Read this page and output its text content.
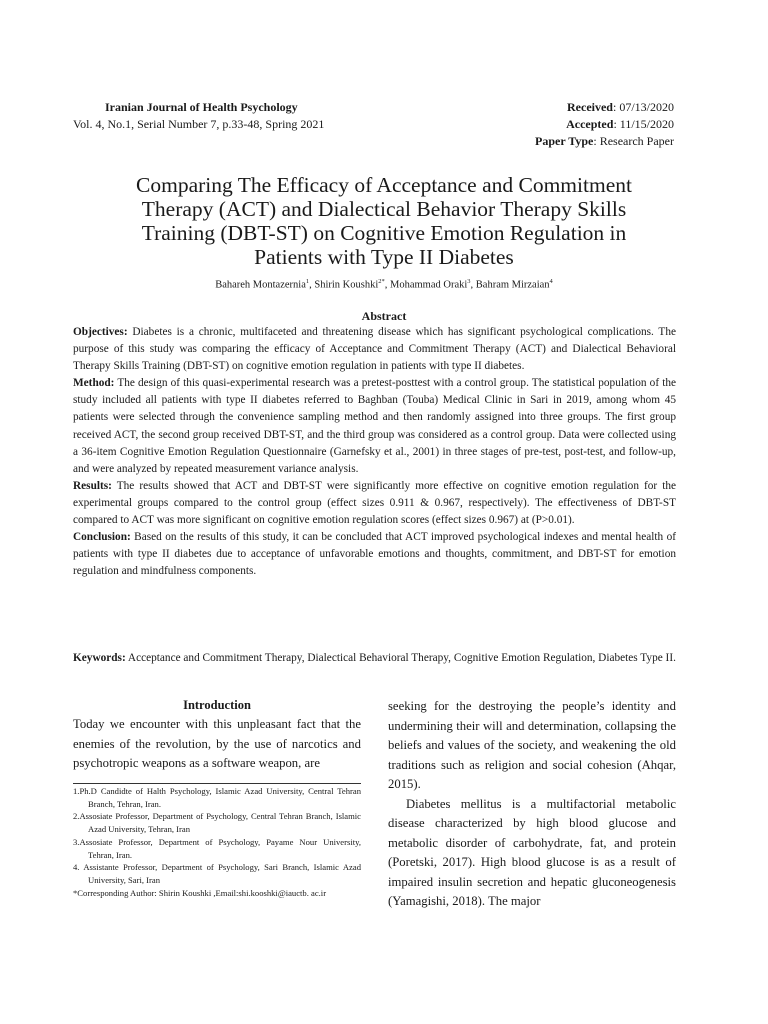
Iranian Journal of Health Psychology
Vol. 4, No.1, Serial Number 7, p.33-48, Spring 2021
Received: 07/13/2020
Accepted: 11/15/2020
Paper Type: Research Paper
Comparing The Efficacy of Acceptance and Commitment
Therapy (ACT) and Dialectical Behavior Therapy Skills
Training (DBT-ST) on Cognitive Emotion Regulation in
Patients with Type II Diabetes
Bahareh Montazernia$^1$, Shirin Koushki$^{2*}$, Mohammad Oraki$^3$, Bahram Mirzaian$^4$
Abstract

Objectives: Diabetes is a chronic, multifaceted and threatening disease which has significant psychological complications. The purpose of this study was comparing the efficacy of Acceptance and Commitment Therapy (ACT) and Dialectical Behavioral Therapy Skills Training (DBT-ST) on cognitive emotion regulation in patients with type II diabetes.

Method: The design of this quasi-experimental research was a pretest-posttest with a control group. The statistical population of the study included all patients with type II diabetes referred to Baghban (Touba) Medical Clinic in Sari in 2019, among whom 45 patients were selected through the convenience sampling method and then randomly assigned into three groups. The first group received ACT, the second group received DBT-ST, and the third group was considered as a control group. Data were collected using a 36-item Cognitive Emotion Regulation Questionnaire (Garnefsky et al., 2001) in three stages of pre-test, post-test, and follow-up, and were analyzed by repeated measurement variance analysis.

Results: The results showed that ACT and DBT-ST were significantly more effective on cognitive emotion regulation for the experimental groups compared to the control group (effect sizes 0.911 & 0.967, respectively). The effectiveness of DBT-ST compared to ACT was more significant on cognitive emotion regulation scores (effect sizes 0.967) at (P>0.01).

Conclusion: Based on the results of this study, it can be concluded that ACT improved psychological indexes and mental health of patients with type II diabetes due to acceptance of unfavorable emotions and thoughts, commitment, and DBT-ST for emotion regulation and mindfulness components.

Keywords: Acceptance and Commitment Therapy, Dialectical Behavioral Therapy, Cognitive Emotion Regulation, Diabetes Type II.
Introduction

Today we encounter with this unpleasant fact that the enemies of the revolution, by the use of narcotics and psychotropic weapons as a software weapon, are

1.Ph.D Candidte of Halth Psychology, Islamic Azad University, Central Tehran Branch, Tehran, Iran.

2.Assosiate Professor, Department of Psychology, Central Tehran Branch, Islamic Azad University, Tehran, Iran

3.Assosiate Professor, Department of Psychology, Payame Nour University, Tehran, Iran.

4. Assistante Professor, Department of Psychology, Sari Branch, Islamic Azad University, Sari, Iran

*Corresponding Author: Shirin Koushki ,Email:shi.kooshki@iauctb. ac.ir

seeking for the destroying the people’s identity and undermining their will and determination, collapsing the beliefs and values of the society, and weakening the old traditions such as religion and social cohesion (Ahqar, 2015).

Diabetes mellitus is a multifactorial metabolic disease characterized by high blood glucose and metabolic disorder of carbohydrate, fat, and protein (Poretski, 2017). High blood glucose is as a result of impaired insulin secretion and hepatic gluconeogenesis (Yamagishi, 2018). The major
